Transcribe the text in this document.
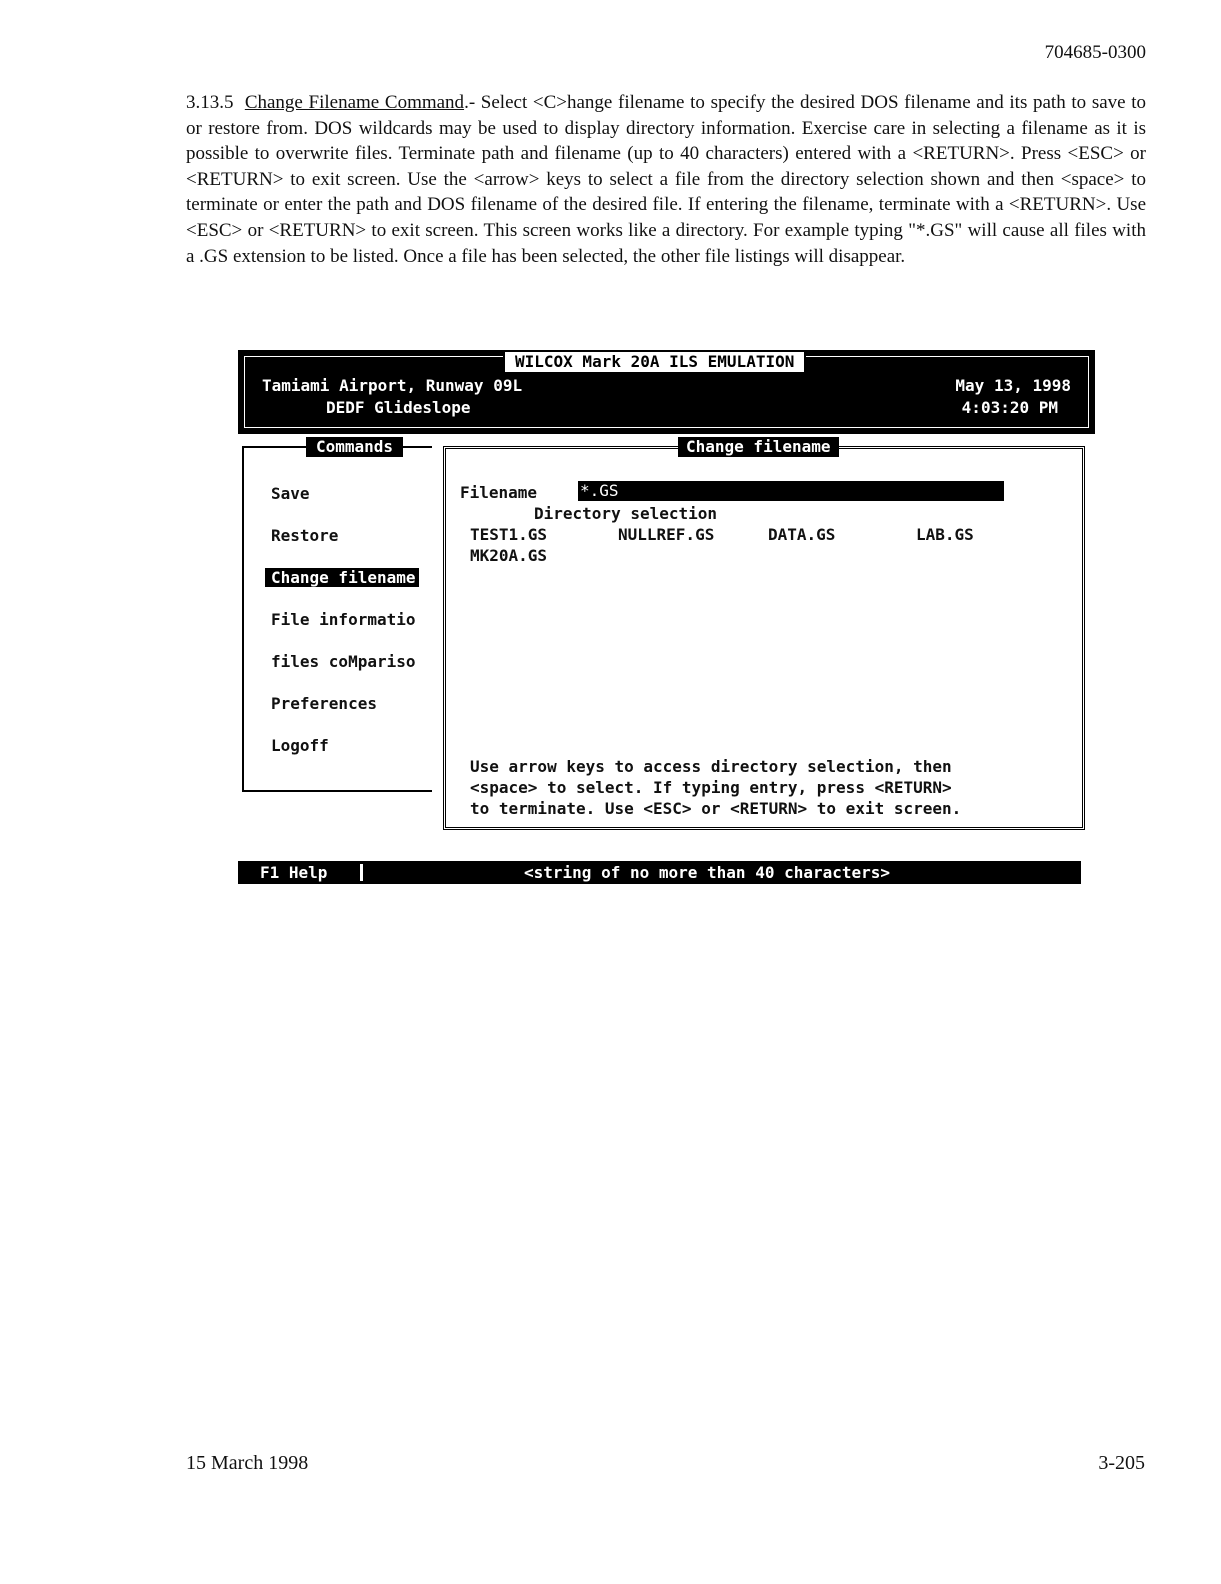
704685-0300

3.13.5 Change Filename Command.- Select <C>hange filename to specify the desired DOS filename and its path to save to or restore from. DOS wildcards may be used to display directory information. Exercise care in selecting a filename as it is possible to overwrite files. Terminate path and filename (up to 40 characters) entered with a <RETURN>. Press <ESC> or <RETURN> to exit screen. Use the <arrow> keys to select a file from the directory selection shown and then <space> to terminate or enter the path and DOS filename of the desired file. If entering the filename, terminate with a <RETURN>. Use <ESC> or <RETURN> to exit screen. This screen works like a directory. For example typing "*.GS" will cause all files with a .GS extension to be listed. Once a file has been selected, the other file listings will disappear.

WILCOX Mark 20A ILS EMULATION
Tamiami Airport, Runway 09L
DEDF Glideslope
May 13, 1998
4:03:20 PM
Commands
Save
Restore
Change filename
File informatio
files coMpariso
Preferences
Logoff
Change filename
Filename	*.GS
Directory selection
TEST1.GS	NULLREF.GS	DATA.GS	LAB.GS
MK20A.GS
Use arrow keys to access directory selection, then
<space> to select. If typing entry, press <RETURN>
to terminate. Use <ESC> or <RETURN> to exit screen.
F1 Help	<string of no more than 40 characters>
15 March 1998	3-205
